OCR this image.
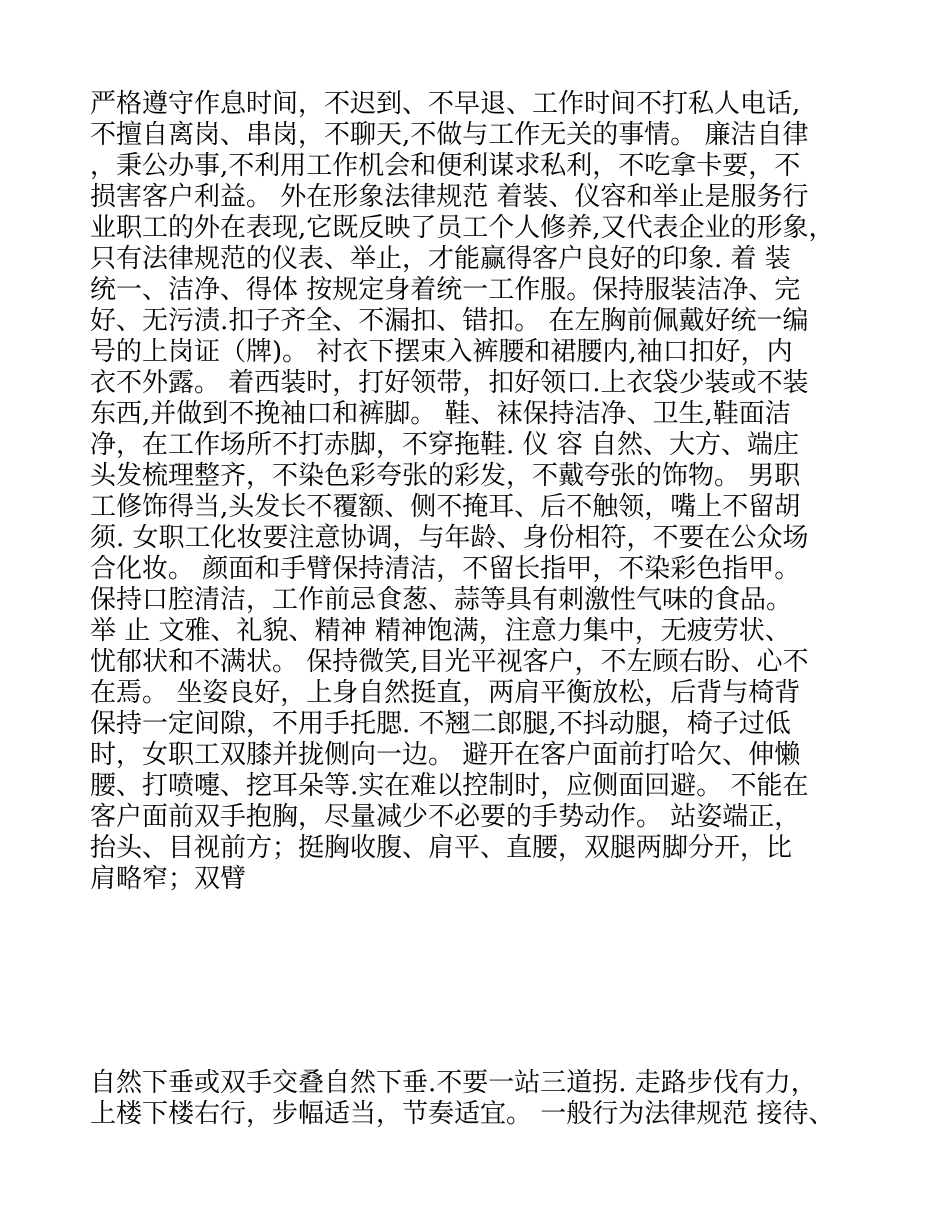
严格遵守作息时间，不迟到、不早退、工作时间不打私人电话,
不擅自离岗、串岗，不聊天,不做与工作无关的事情。 廉洁自律
，秉公办事,不利用工作机会和便利谋求私利，不吃拿卡要，不
损害客户利益。 外在形象法律规范 着装、仪容和举止是服务行
业职工的外在表现,它既反映了员工个人修养,又代表企业的形象，
只有法律规范的仪表、举止，才能赢得客户良好的印象. 着 装
统一、洁净、得体 按规定身着统一工作服。保持服装洁净、完
好、无污渍.扣子齐全、不漏扣、错扣。 在左胸前佩戴好统一编
号的上岗证（牌)。 衬衣下摆束入裤腰和裙腰内,袖口扣好，内
衣不外露。 着西装时，打好领带，扣好领口.上衣袋少装或不装
东西,并做到不挽袖口和裤脚。 鞋、袜保持洁净、卫生,鞋面洁
净，在工作场所不打赤脚，不穿拖鞋. 仪 容 自然、大方、端庄
头发梳理整齐，不染色彩夸张的彩发，不戴夸张的饰物。 男职
工修饰得当,头发长不覆额、侧不掩耳、后不触领，嘴上不留胡
须. 女职工化妆要注意协调，与年龄、身份相符，不要在公众场
合化妆。 颜面和手臂保持清洁，不留长指甲，不染彩色指甲。
保持口腔清洁，工作前忌食葱、蒜等具有刺激性气味的食品。
举 止 文雅、礼貌、精神 精神饱满，注意力集中，无疲劳状、
忧郁状和不满状。 保持微笑,目光平视客户，不左顾右盼、心不
在焉。 坐姿良好，上身自然挺直，两肩平衡放松，后背与椅背
保持一定间隙，不用手托腮. 不翘二郎腿,不抖动腿，椅子过低
时，女职工双膝并拢侧向一边。 避开在客户面前打哈欠、伸懒
腰、打喷嚏、挖耳朵等.实在难以控制时，应侧面回避。 不能在
客户面前双手抱胸，尽量减少不必要的手势动作。 站姿端正，
抬头、目视前方；挺胸收腹、肩平、直腰，双腿两脚分开，比
肩略窄；双臂

自然下垂或双手交叠自然下垂.不要一站三道拐. 走路步伐有力，
上楼下楼右行，步幅适当，节奏适宜。 一般行为法律规范 接待、
